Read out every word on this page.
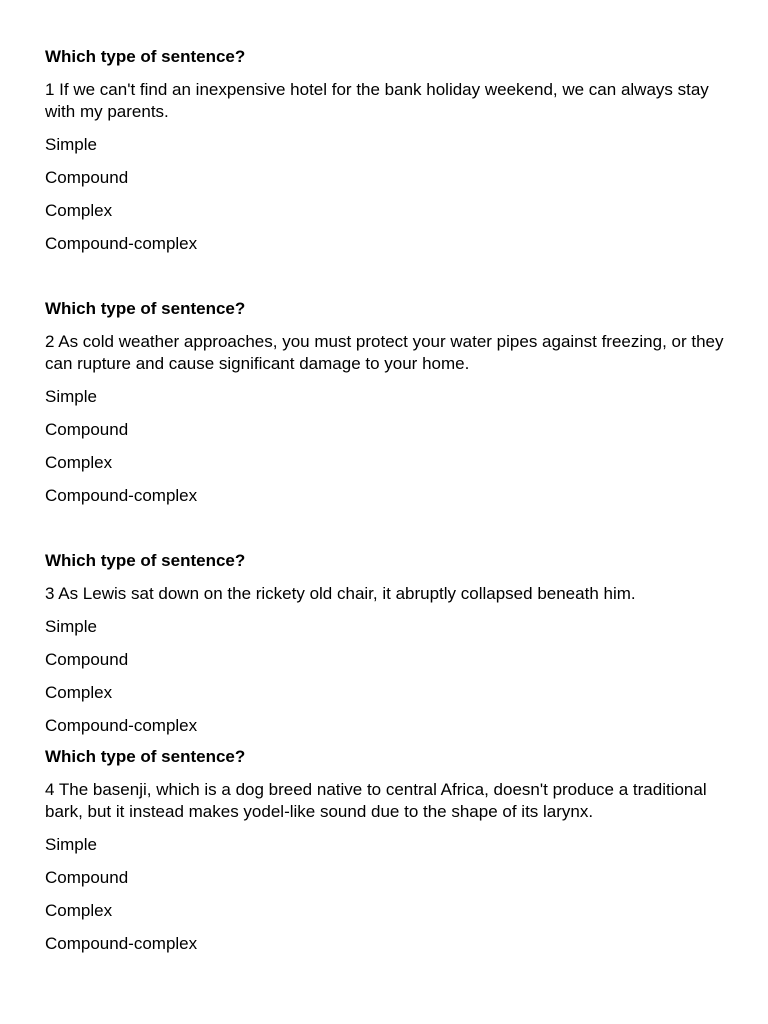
Which type of sentence?

1 If we can't find an inexpensive hotel for the bank holiday weekend, we can always stay with my parents.

Simple
Compound
Complex
Compound-complex

Which type of sentence?

2 As cold weather approaches, you must protect your water pipes against freezing, or they can rupture and cause significant damage to your home.

Simple
Compound
Complex
Compound-complex

Which type of sentence?

3 As Lewis sat down on the rickety old chair, it abruptly collapsed beneath him.

Simple
Compound
Complex
Compound-complex

Which type of sentence?

4 The basenji, which is a dog breed native to central Africa, doesn't produce a traditional bark, but it instead makes yodel-like sound due to the shape of its larynx.

Simple
Compound
Complex
Compound-complex
